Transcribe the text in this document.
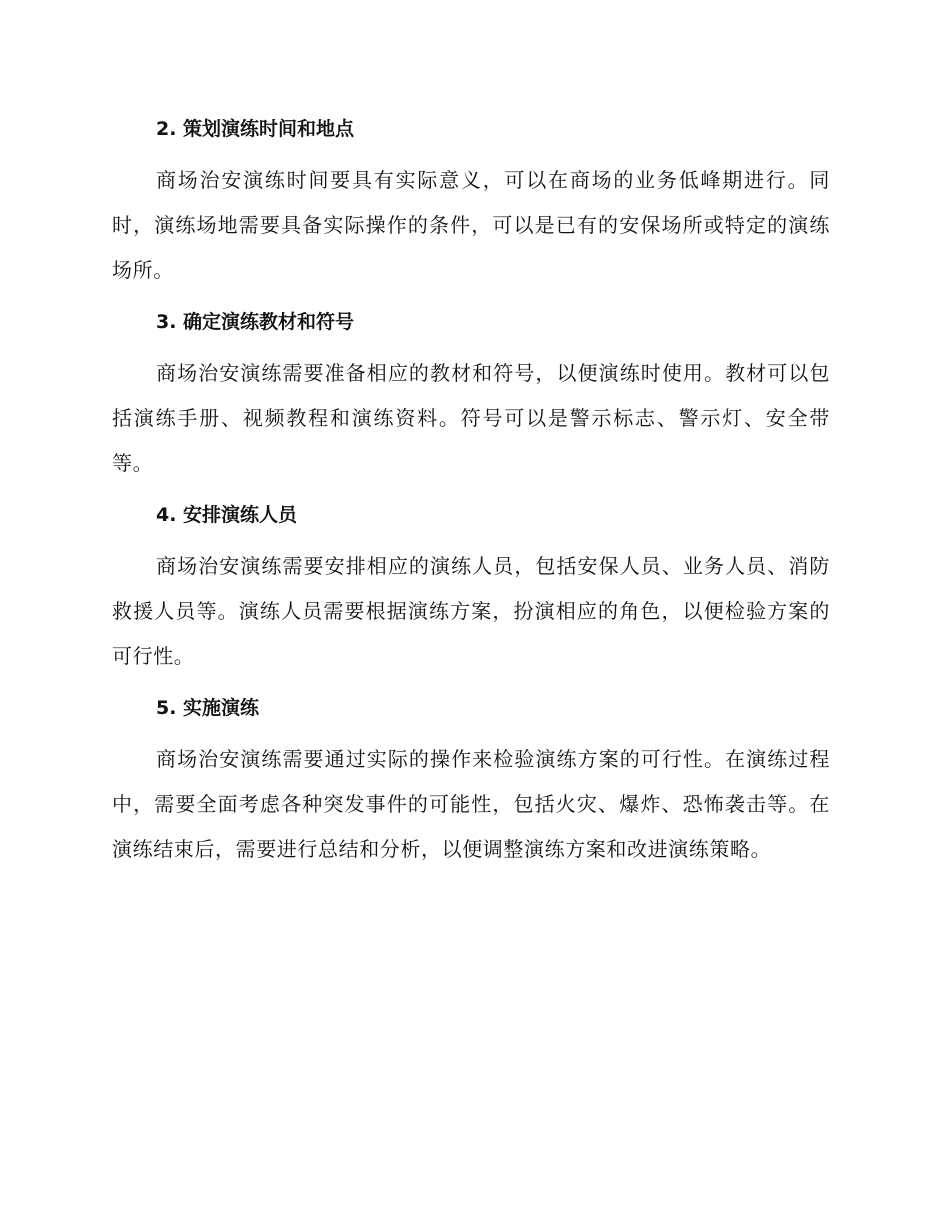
2. 策划演练时间和地点

商场治安演练时间要具有实际意义，可以在商场的业务低峰期进行。同时，演练场地需要具备实际操作的条件，可以是已有的安保场所或特定的演练场所。

3. 确定演练教材和符号

商场治安演练需要准备相应的教材和符号，以便演练时使用。教材可以包括演练手册、视频教程和演练资料。符号可以是警示标志、警示灯、安全带等。

4. 安排演练人员

商场治安演练需要安排相应的演练人员，包括安保人员、业务人员、消防救援人员等。演练人员需要根据演练方案，扮演相应的角色，以便检验方案的可行性。

5. 实施演练

商场治安演练需要通过实际的操作来检验演练方案的可行性。在演练过程中，需要全面考虑各种突发事件的可能性，包括火灾、爆炸、恐怖袭击等。在演练结束后，需要进行总结和分析，以便调整演练方案和改进演练策略。
